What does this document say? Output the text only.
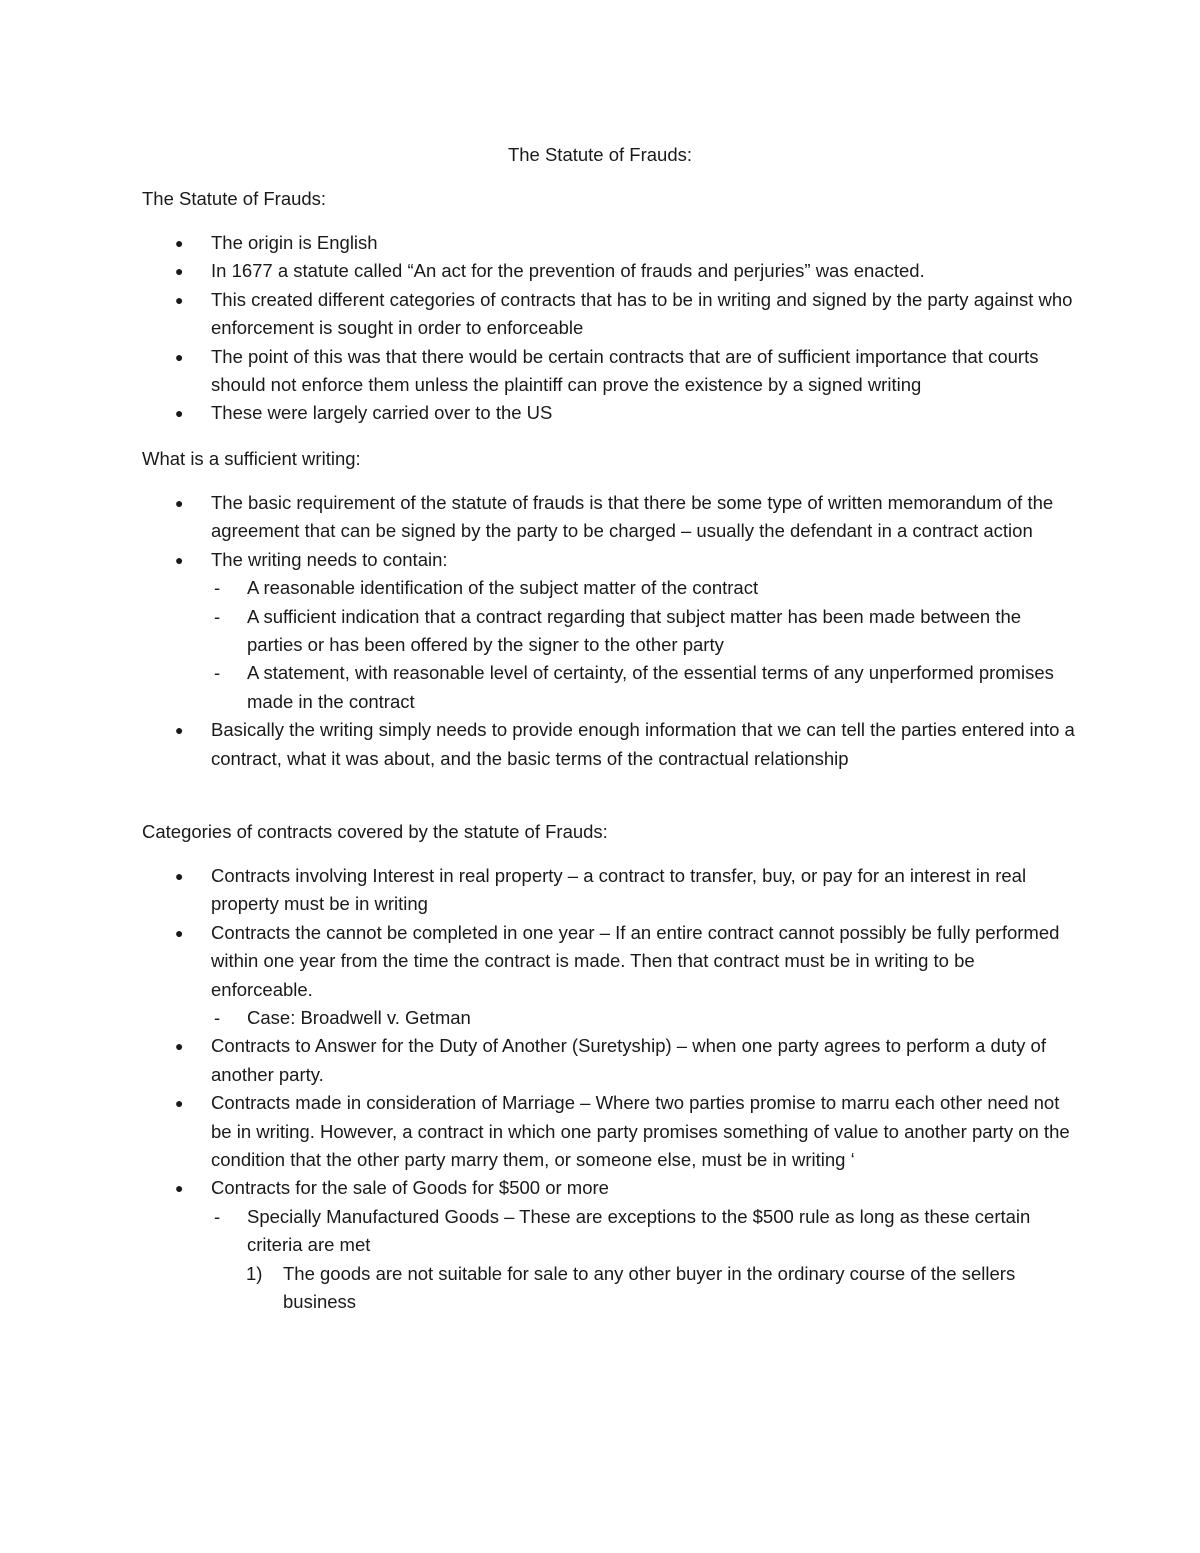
The Statute of Frauds:
The Statute of Frauds:
● The origin is English
● In 1677 a statute called “An act for the prevention of frauds and perjuries” was enacted.
● This created different categories of contracts that has to be in writing and signed by the party against who enforcement is sought in order to enforceable
● The point of this was that there would be certain contracts that are of sufficient importance that courts should not enforce them unless the plaintiff can prove the existence by a signed writing
● These were largely carried over to the US
What is a sufficient writing:
● The basic requirement of the statute of frauds is that there be some type of written memorandum of the agreement that can be signed by the party to be charged – usually the defendant in a contract action
● The writing needs to contain:
- A reasonable identification of the subject matter of the contract
- A sufficient indication that a contract regarding that subject matter has been made between the parties or has been offered by the signer to the other party
- A statement, with reasonable level of certainty, of the essential terms of any unperformed promises made in the contract
● Basically the writing simply needs to provide enough information that we can tell the parties entered into a contract, what it was about, and the basic terms of the contractual relationship
Categories of contracts covered by the statute of Frauds:
● Contracts involving Interest in real property – a contract to transfer, buy, or pay for an interest in real property must be in writing
● Contracts the cannot be completed in one year – If an entire contract cannot possibly be fully performed within one year from the time the contract is made. Then that contract must be in writing to be enforceable.
- Case: Broadwell v. Getman
● Contracts to Answer for the Duty of Another (Suretyship) – when one party agrees to perform a duty of another party.
● Contracts made in consideration of Marriage – Where two parties promise to marru each other need not be in writing. However, a contract in which one party promises something of value to another party on the condition that the other party marry them, or someone else, must be in writing ‘
● Contracts for the sale of Goods for $500 or more
- Specially Manufactured Goods – These are exceptions to the $500 rule as long as these certain criteria are met
1) The goods are not suitable for sale to any other buyer in the ordinary course of the sellers business
